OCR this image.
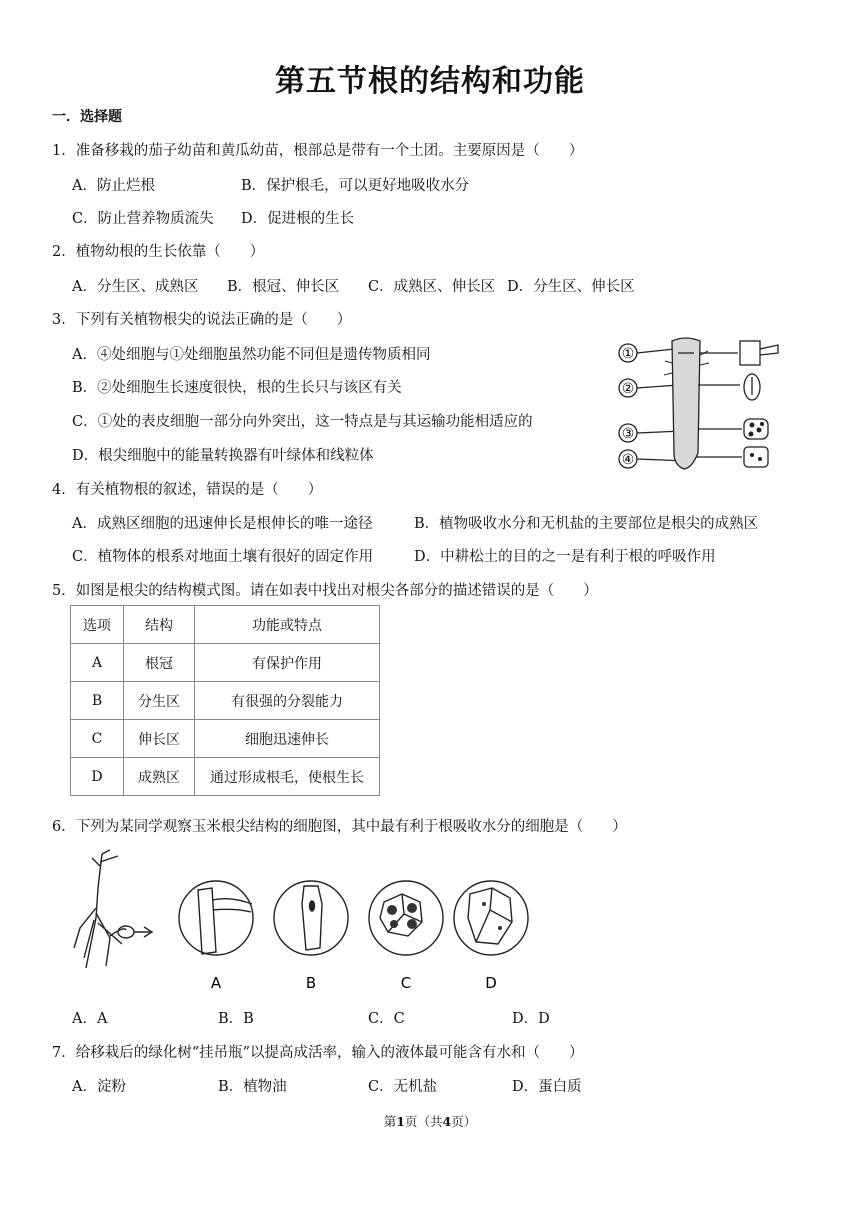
第五节根的结构和功能
一．选择题
1．准备移栽的茄子幼苗和黄瓜幼苗，根部总是带有一个土团。主要原因是（　　）
A．防止烂根	B．保护根毛，可以更好地吸收水分
C．防止营养物质流失 D．促进根的生长
2．植物幼根的生长依靠（　　）
A．分生区、成熟区 B．根冠、伸长区 C．成熟区、伸长区 D．分生区、伸长区
3．下列有关植物根尖的说法正确的是（　　）
A．④处细胞与①处细胞虽然功能不同但是遗传物质相同
B．②处细胞生长速度很快，根的生长只与该区有关
C．①处的表皮细胞一部分向外突出，这一特点是与其运输功能相适应的
D．根尖细胞中的能量转换器有叶绿体和线粒体
①
②
③
④
4．有关植物根的叙述，错误的是（　　）
A．成熟区细胞的迅速伸长是根伸长的唯一途径	B．植物吸收水分和无机盐的主要部位是根尖的成熟区
C．植物体的根系对地面土壤有很好的固定作用	D．中耕松土的目的之一是有利于根的呼吸作用
5．如图是根尖的结构模式图。请在如表中找出对根尖各部分的描述错误的是（　　）
选项	结构	功能或特点
A	根冠	有保护作用
B	分生区	有很强的分裂能力
C	伸长区	细胞迅速伸长
D	成熟区	通过形成根毛，使根生长
6．下列为某同学观察玉米根尖结构的细胞图，其中最有利于根吸收水分的细胞是（　　）
A	B	C	D
A．A	B．B	C．C	D．D
7．给移栽后的绿化树“挂吊瓶”以提高成活率，输入的液体最可能含有水和（　　）
A．淀粉	B．植物油	C．无机盐	D．蛋白质
第1页（共4页）
